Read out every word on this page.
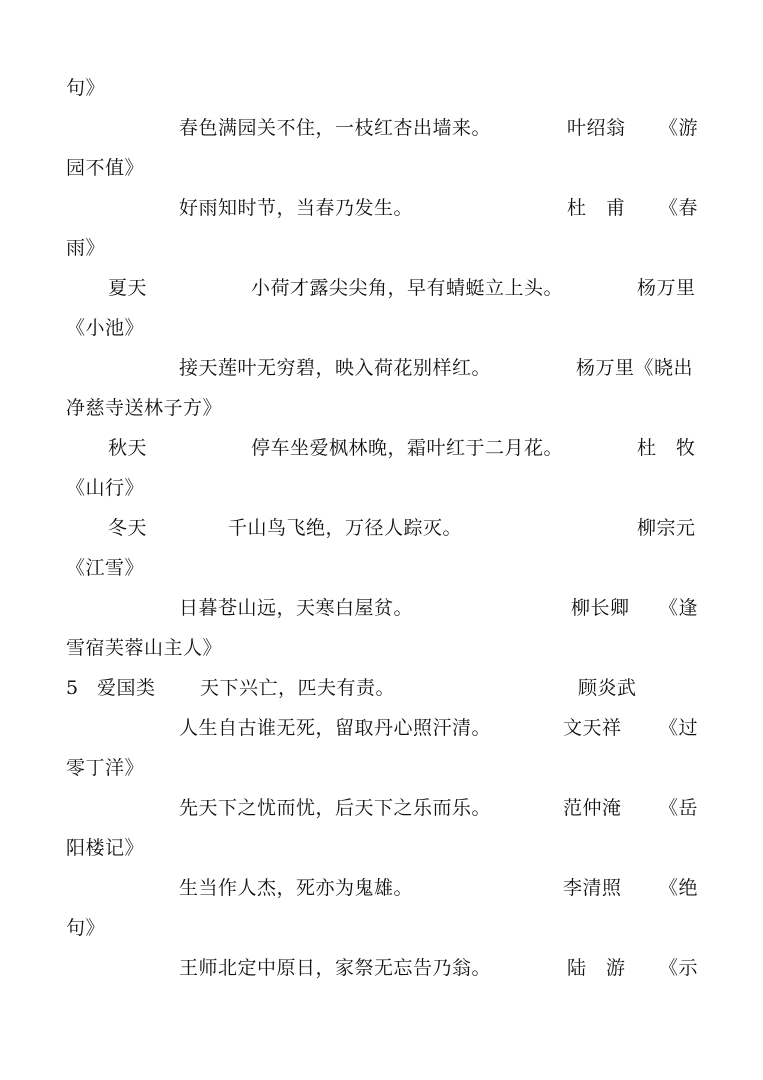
句》
春色满园关不住，一枝红杏出墙来。	叶绍翁 《游
园不值》
好雨知时节，当春乃发生。	杜　甫 《春
雨》
夏天	小荷才露尖尖角，早有蜻蜓立上头。	杨万里
《小池》
接天莲叶无穷碧，映入荷花别样红。	杨万里《晓出
净慈寺送林子方》
秋天	停车坐爱枫林晚，霜叶红于二月花。	杜　牧
《山行》
冬天	千山鸟飞绝，万径人踪灭。	柳宗元
《江雪》
日暮苍山远，天寒白屋贫。	柳长卿 《逢
雪宿芙蓉山主人》
5 爱国类 天下兴亡，匹夫有责。	顾炎武
人生自古谁无死，留取丹心照汗清。	文天祥 《过
零丁洋》
先天下之忧而忧，后天下之乐而乐。	范仲淹 《岳
阳楼记》
生当作人杰，死亦为鬼雄。	李清照 《绝
句》
王师北定中原日，家祭无忘告乃翁。	陆　游 《示
